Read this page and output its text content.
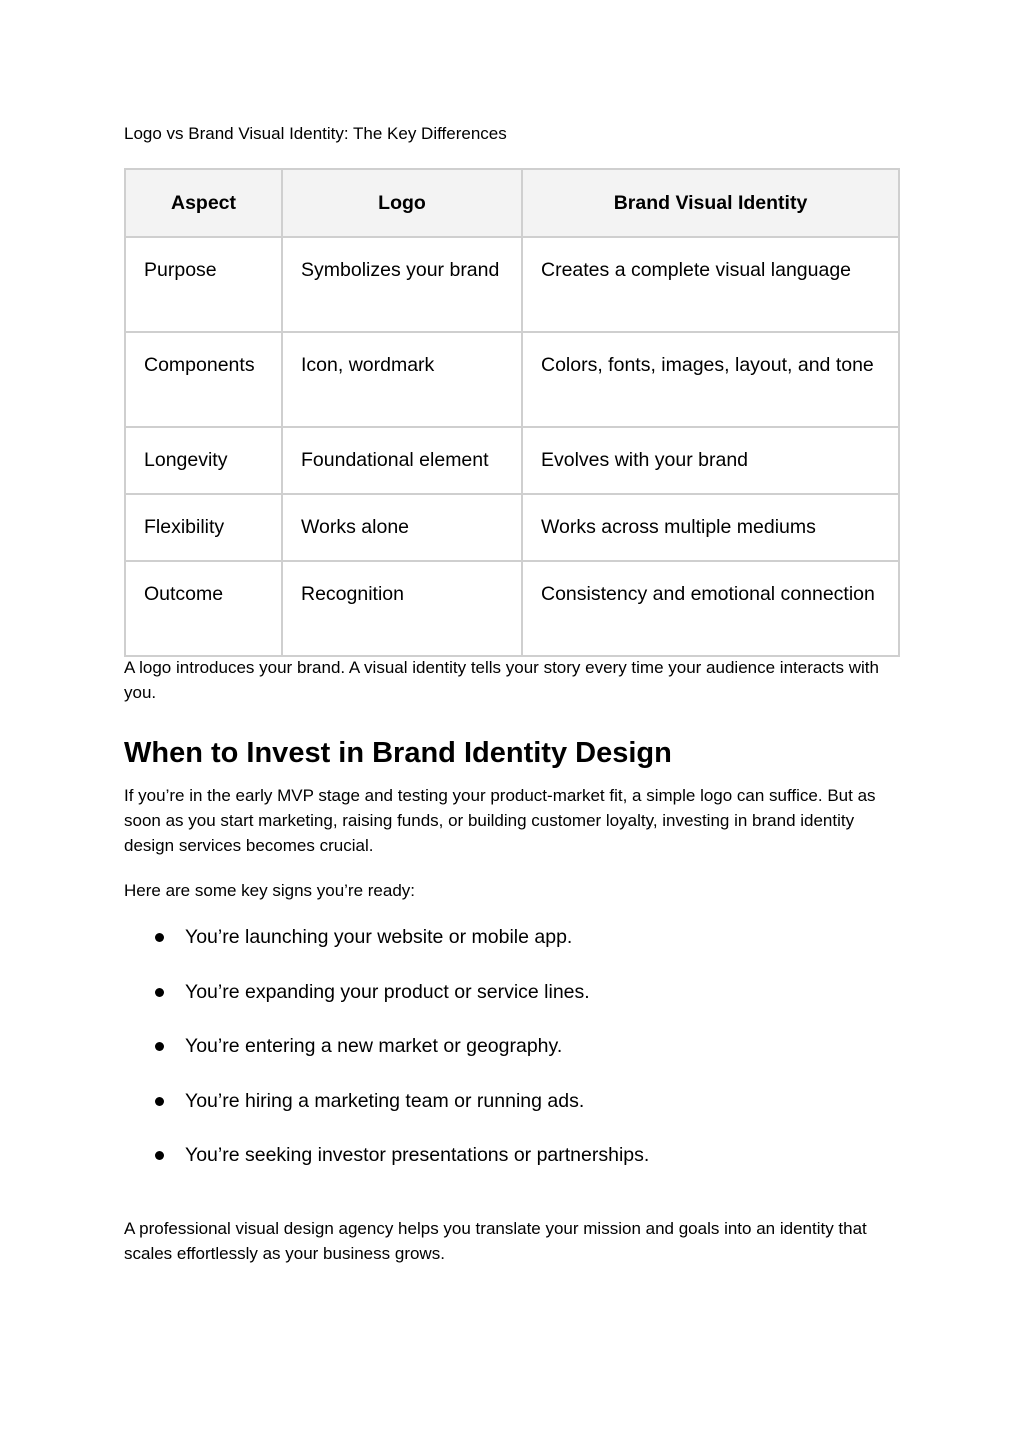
Logo vs Brand Visual Identity: The Key Differences
Aspect	Logo	Brand Visual Identity
Purpose	Symbolizes your brand	Creates a complete visual language
Components	Icon, wordmark	Colors, fonts, images, layout, and tone
Longevity	Foundational element	Evolves with your brand
Flexibility	Works alone	Works across multiple mediums
Outcome	Recognition	Consistency and emotional connection

A logo introduces your brand. A visual identity tells your story every time your audience interacts with you.

When to Invest in Brand Identity Design

If you’re in the early MVP stage and testing your product-market fit, a simple logo can suffice. But as soon as you start marketing, raising funds, or building customer loyalty, investing in brand identity design services becomes crucial.

Here are some key signs you’re ready:

You’re launching your website or mobile app.
You’re expanding your product or service lines.
You’re entering a new market or geography.
You’re hiring a marketing team or running ads.
You’re seeking investor presentations or partnerships.

A professional visual design agency helps you translate your mission and goals into an identity that scales effortlessly as your business grows.
